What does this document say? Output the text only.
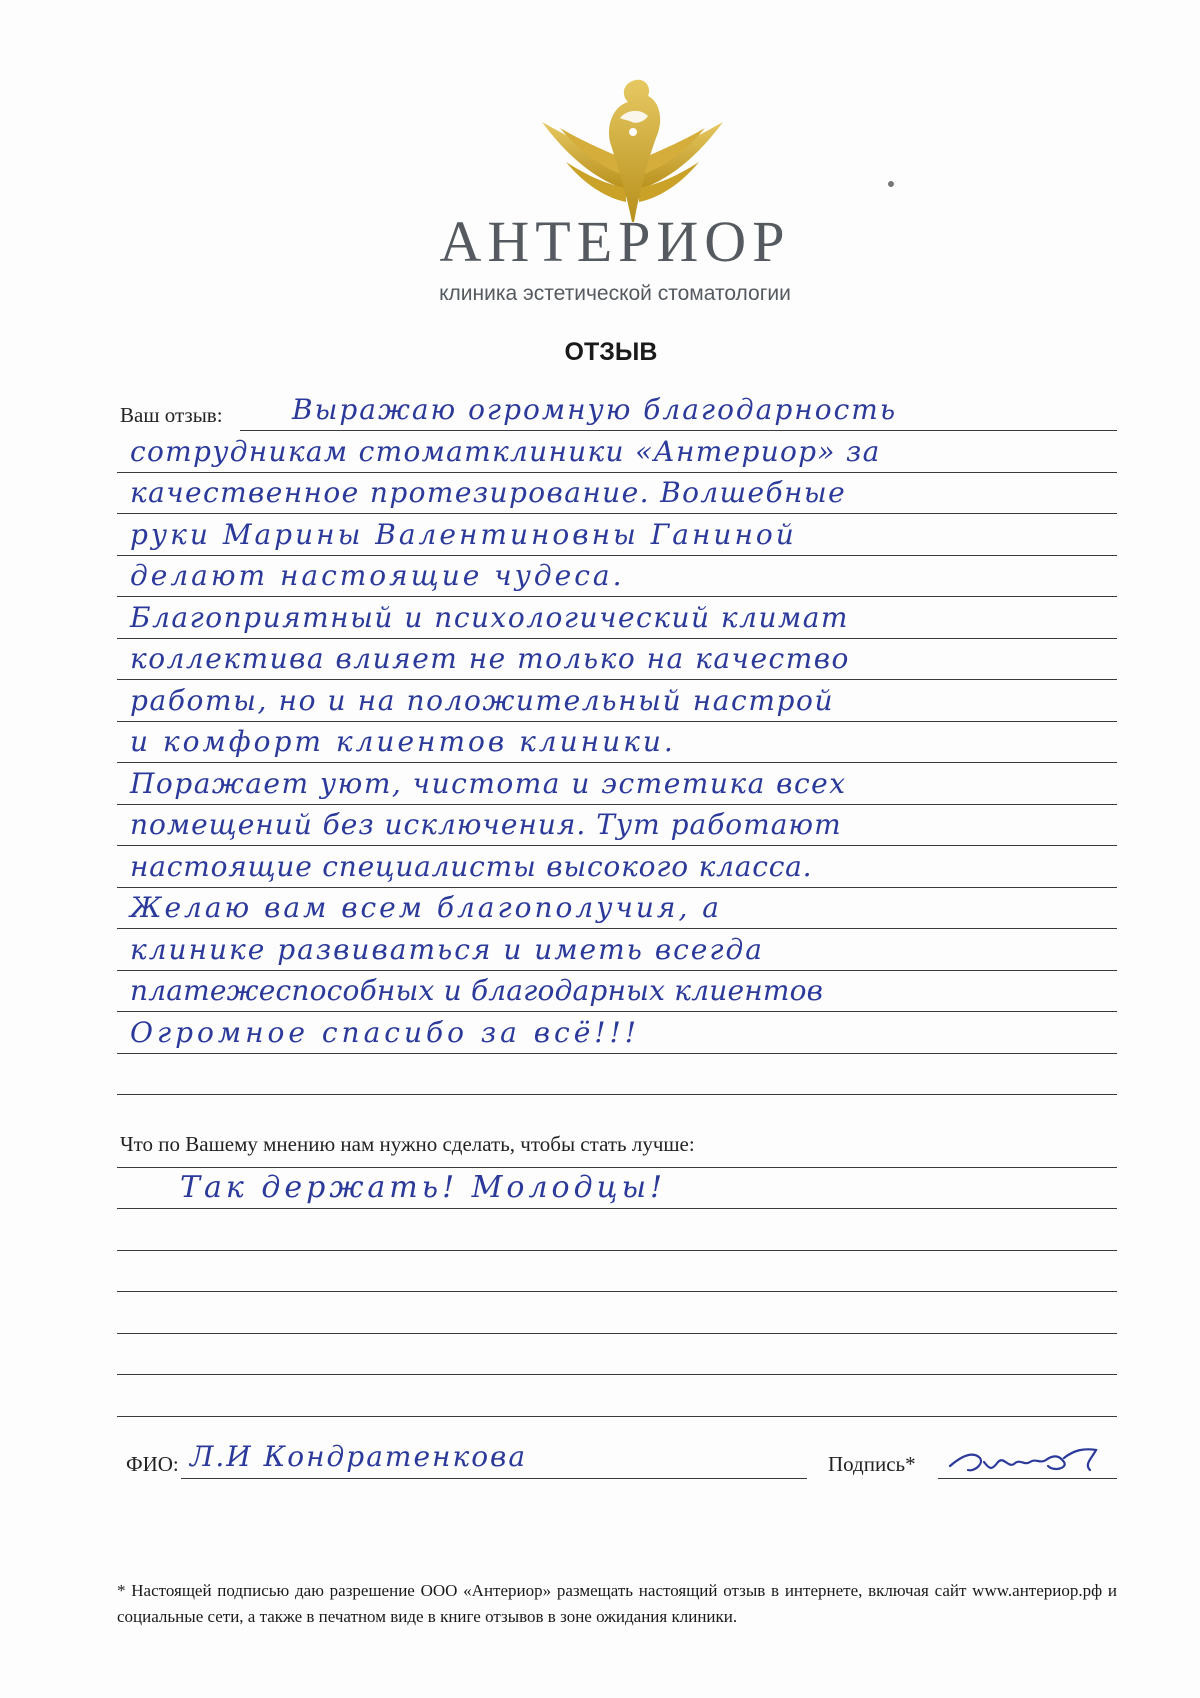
АНТЕРИОР
клиника эстетической стоматологии
ОТЗЫВ
Ваш отзыв: Выражаю огромную благодарность
сотрудникам стоматклиники «Антериор» за
качественное протезирование. Волшебные
руки Марины Валентиновны Ганиной
делают настоящие чудеса.
Благоприятный и психологический климат
коллектива влияет не только на качество
работы, но и на положительный настрой
и комфорт клиентов клиники.
Поражает уют, чистота и эстетика всех
помещений без исключения. Тут работают
настоящие специалисты высокого класса.
Желаю вам всем благополучия, а
клинике развиваться и иметь всегда
платежеспособных и благодарных клиентов
Огромное спасибо за всё!!!
Что по Вашему мнению нам нужно сделать, чтобы стать лучше:
Так держать! Молодцы!
ФИО: Л.И Кондратенкова	Подпись*
* Настоящей подписью даю разрешение ООО «Антериор» размещать настоящий отзыв в интернете, включая сайт www.антериор.рф и социальные сети, а также в печатном виде в книге отзывов в зоне ожидания клиники.
